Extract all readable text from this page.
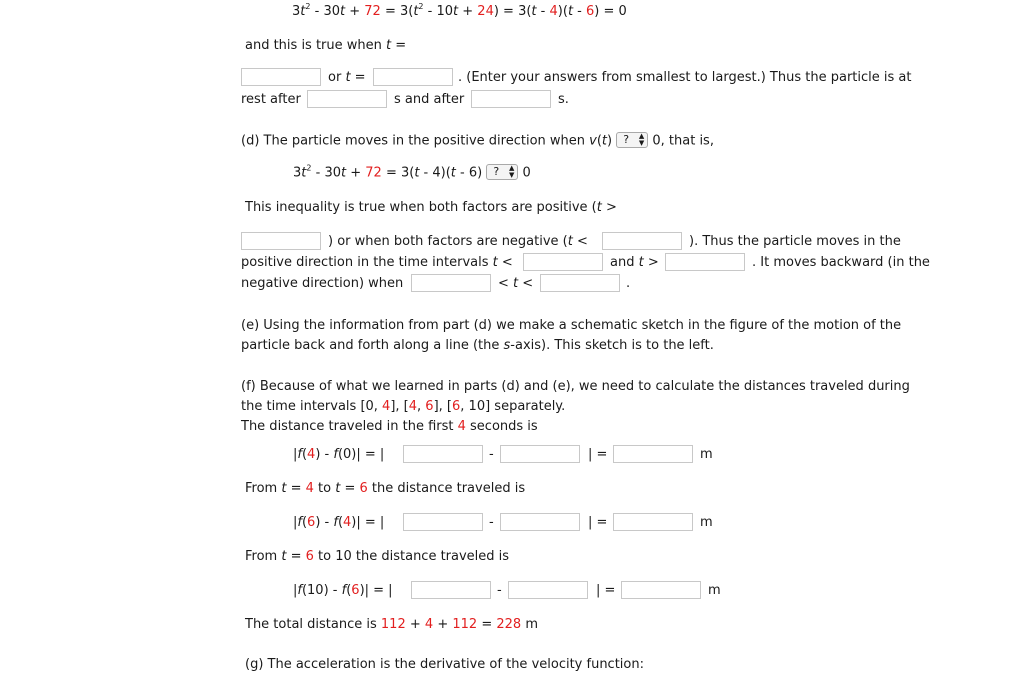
$3t^2 - 30t + 72 = 3(t^2 - 10t + 24) = 3(t - 4)(t - 6) = 0$
and this is true when t =
or t =	. (Enter your answers from smallest to largest.) Thus the particle is at
rest after	s and after	s.
(d) The particle moves in the positive direction when v(t) ? ▲
▼ 0, that is,
$3t^2 - 30t + 72 = 3(t - 4)(t - 6)$ ? ▲
▼ 0
This inequality is true when both factors are positive (t >
) or when both factors are negative (t <	). Thus the particle moves in the
positive direction in the time intervals t <	and t >	. It moves backward (in the
negative direction) when	< t <	.
(e) Using the information from part (d) we make a schematic sketch in the figure of the motion of the
particle back and forth along a line (the s-axis). This sketch is to the left.
(f) Because of what we learned in parts (d) and (e), we need to calculate the distances traveled during
the time intervals [0, 4], [4, 6], [6, 10] separately.
The distance traveled in the first 4 seconds is
|f(4) - f(0)| = |	-	| =	m
From t = 4 to t = 6 the distance traveled is
|f(6) - f(4)| = |	-	| =	m
From t = 6 to 10 the distance traveled is
|f(10) - f(6)| = |	-	| =	m
The total distance is 112 + 4 + 112 = 228 m
(g) The acceleration is the derivative of the velocity function:
